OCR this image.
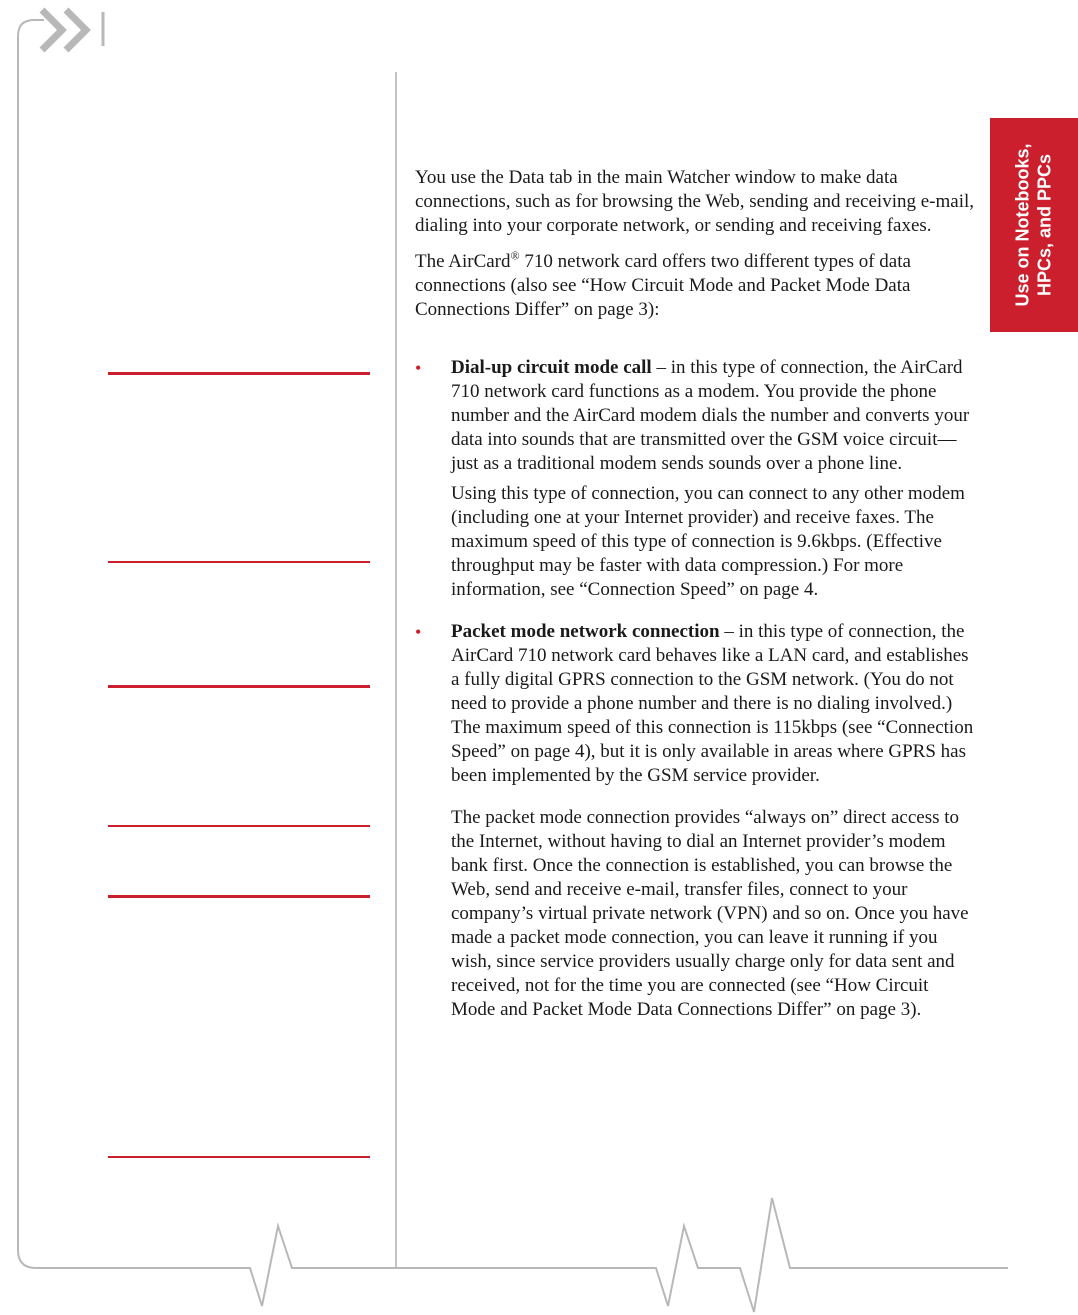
Use on Notebooks, HPCs, and PPCs

You use the Data tab in the main Watcher window to make data connections, such as for browsing the Web, sending and receiving e-mail, dialing into your corporate network, or sending and receiving faxes.

The AirCard® 710 network card offers two different types of data connections (also see “How Circuit Mode and Packet Mode Data Connections Differ” on page 3):

• Dial-up circuit mode call – in this type of connection, the AirCard 710 network card functions as a modem. You provide the phone number and the AirCard modem dials the number and converts your data into sounds that are transmitted over the GSM voice circuit—just as a traditional modem sends sounds over a phone line.
Using this type of connection, you can connect to any other modem (including one at your Internet provider) and receive faxes. The maximum speed of this type of connection is 9.6kbps. (Effective throughput may be faster with data compression.) For more information, see “Connection Speed” on page 4.
• Packet mode network connection – in this type of connection, the AirCard 710 network card behaves like a LAN card, and establishes a fully digital GPRS connection to the GSM network. (You do not need to provide a phone number and there is no dialing involved.) The maximum speed of this connection is 115kbps (see “Connection Speed” on page 4), but it is only available in areas where GPRS has been implemented by the GSM service provider.
The packet mode connection provides “always on” direct access to the Internet, without having to dial an Internet provider’s modem bank first. Once the connection is established, you can browse the Web, send and receive e-mail, transfer files, connect to your company’s virtual private network (VPN) and so on. Once you have made a packet mode connection, you can leave it running if you wish, since service providers usually charge only for data sent and received, not for the time you are connected (see “How Circuit Mode and Packet Mode Data Connections Differ” on page 3).
